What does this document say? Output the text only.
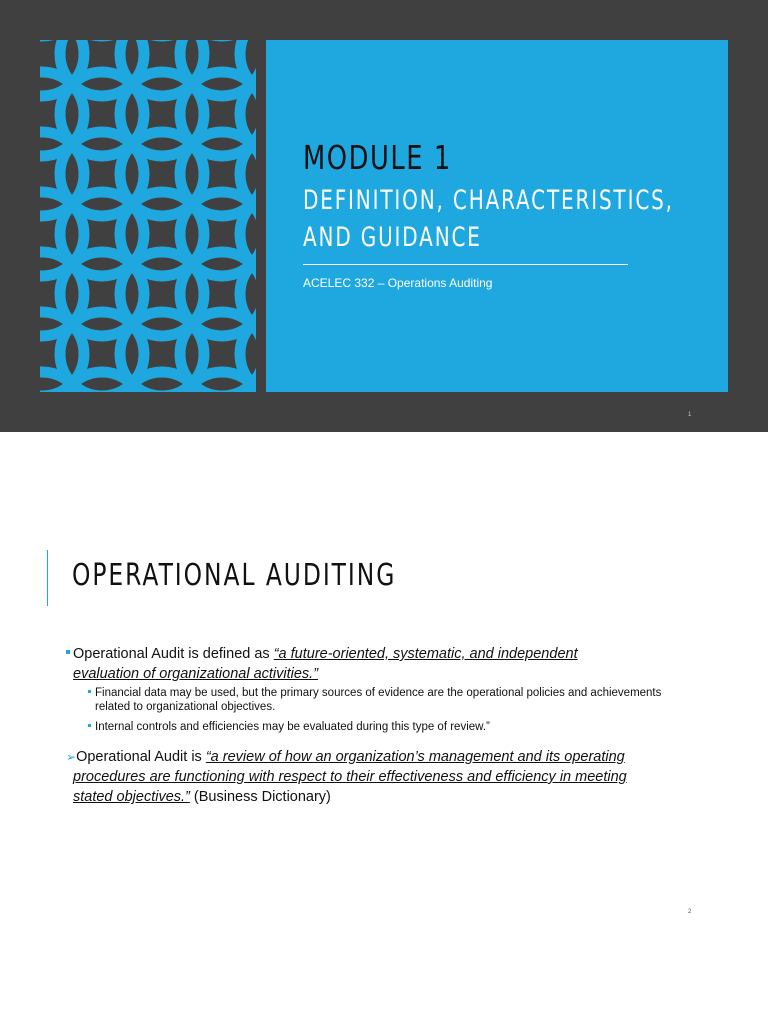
MODULE 1
DEFINITION, CHARACTERISTICS,
AND GUIDANCE
ACELEC 332 – Operations Auditing
1
OPERATIONAL AUDITING
Operational Audit is defined as “a future-oriented, systematic, and independent
evaluation of organizational activities.”
Financial data may be used, but the primary sources of evidence are the operational policies and achievements
related to organizational objectives.
Internal controls and efficiencies may be evaluated during this type of review.”
➢Operational Audit is “a review of how an organization’s management and its operating
procedures are functioning with respect to their effectiveness and efficiency in meeting
stated objectives.” (Business Dictionary)
2
